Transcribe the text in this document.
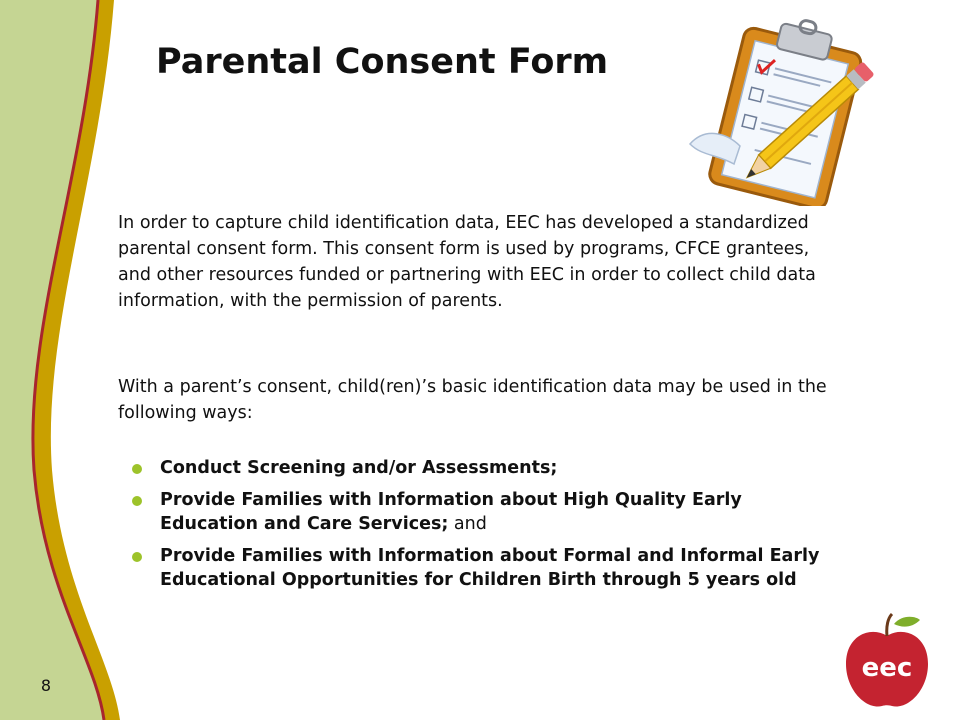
8
Parental Consent Form

In order to capture child identification data, EEC has developed a standardized parental consent form. This consent form is used by programs, CFCE grantees, and other resources funded or partnering with EEC in order to collect child data information, with the permission of parents.

With a parent’s consent, child(ren)’s basic identification data may be used in the following ways:

Conduct Screening and/or Assessments;
Provide Families with Information about High Quality Early Education and Care Services; and
Provide Families with Information about Formal and Informal Early Educational Opportunities for Children Birth through 5 years old
eec
